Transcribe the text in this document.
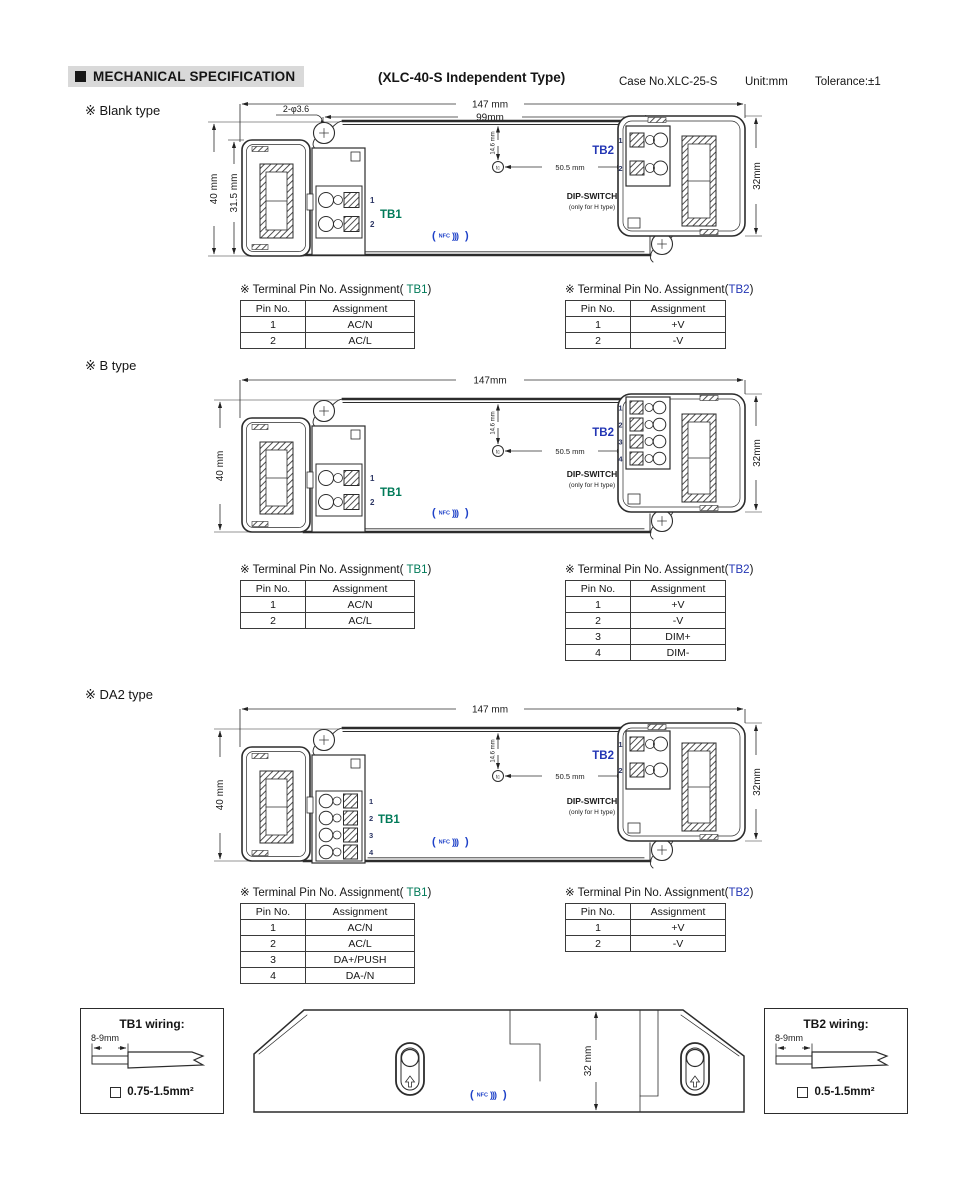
MECHANICAL SPECIFICATION	(XLC-40-S Independent Type)	Case No.XLC-25-S Unit:mm Tolerance:±1
※ Blank type	147 mm
99mm
2-φ3.6
40 mm 31.5 mm	1
2
TB1
14.6 mm
tc	50.5 mm
DIP-SWITCH
(only for H type)
TB2
1
2	32mm
( NFC ))) )
※ Terminal Pin No. Assignment( TB1)
Pin No.	Assignment
1	AC/N
2	AC/L
※ Terminal Pin No. Assignment(TB2)
Pin No.	Assignment
1	+V
2	-V
※ B type
147mm
40 mm	1
2
TB1
14.6 mm
tc	50.5 mm
DIP-SWITCH
(only for H type)
TB2
1
2
3
4	32mm
( NFC ))) )
※ Terminal Pin No. Assignment( TB1)
Pin No.	Assignment
1	AC/N
2	AC/L
※ Terminal Pin No. Assignment(TB2)
Pin No.	Assignment
1	+V
2	-V
3	DIM+
4	DIM-
※ DA2 type
147 mm
40 mm	1
2
3
4
TB1
14.6 mm
tc	50.5 mm
DIP-SWITCH
(only for H type)
TB2
1
2	32mm
( NFC ))) )
※ Terminal Pin No. Assignment( TB1)
Pin No.	Assignment
1	AC/N
2	AC/L
3	DA+/PUSH
4	DA-/N
※ Terminal Pin No. Assignment(TB2)
Pin No.	Assignment
1	+V
2	-V
TB1 wiring:
8-9mm
0.75-1.5mm²
32 mm
( NFC ))) )
TB2 wiring:
8-9mm
0.5-1.5mm²
